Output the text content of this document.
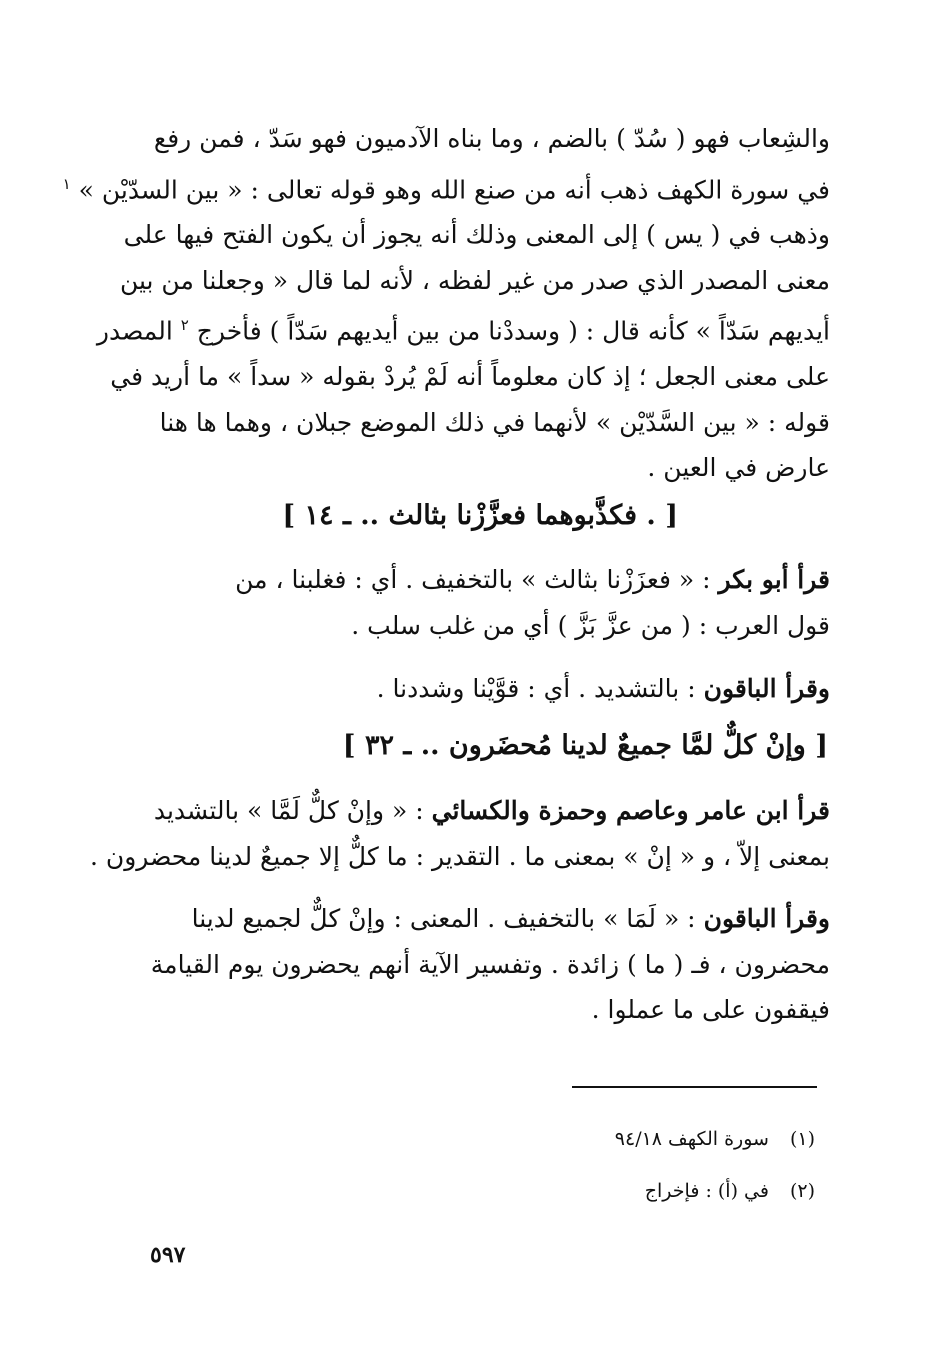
والشِعاب فهو ( سُدّ ) بالضم ، وما بناه الآدميون فهو سَدّ ، فمن رفع
في سورة الكهف ذهب أنه من صنع الله وهو قوله تعالى : « بين السدّيْن » $^١$
وذهب في ( يس ) إلى المعنى وذلك أنه يجوز أن يكون الفتح فيها على
معنى المصدر الذي صدر من غير لفظه ، لأنه لما قال « وجعلنا من بين
أيديهم سَدّاً » كأنه قال : ( وسددْنا من بين أيديهم سَدّاً ) فأخرج $^٢$ المصدر
على معنى الجعل ؛ إذ كان معلوماً أنه لَمْ يُردْ بقوله « سداً » ما أريد في
قوله : « بين السَّدّيْن » لأنهما في ذلك الموضع جبلان ، وهما ها هنا
عارض في العين .
[ . فكذَّبوهما فعزَّزْنا بثالث .. ـ ١٤ ]
قرأ أبو بكر : « فعزَزْنا بثالث » بالتخفيف . أي : فغلبنا ، من
قول العرب : ( من عزَّ بَزَّ ) أي من غلب سلب .
وقرأ الباقون : بالتشديد . أي : قوَّيْنا وشددنا .
[ وإنْ كلٌّ لمَّا جميعٌ لدينا مُحضَرون .. ـ ٣٢ ]
قرأ ابن عامر وعاصم وحمزة والكسائي : « وإنْ كلٌّ لَمَّا » بالتشديد
بمعنى إلاّ ، و « إنْ » بمعنى ما . التقدير : ما كلٌّ إلا جميعٌ لدينا محضرون .
وقرأ الباقون : « لَمَا » بالتخفيف . المعنى : وإنْ كلٌّ لجميع لدينا
محضرون ، فـ ( ما ) زائدة . وتفسير الآية أنهم يحضرون يوم القيامة
فيقفون على ما عملوا .
(١) سورة الكهف ٩٤/١٨
(٢) في (أ) : فإخراج
٥٩٧
